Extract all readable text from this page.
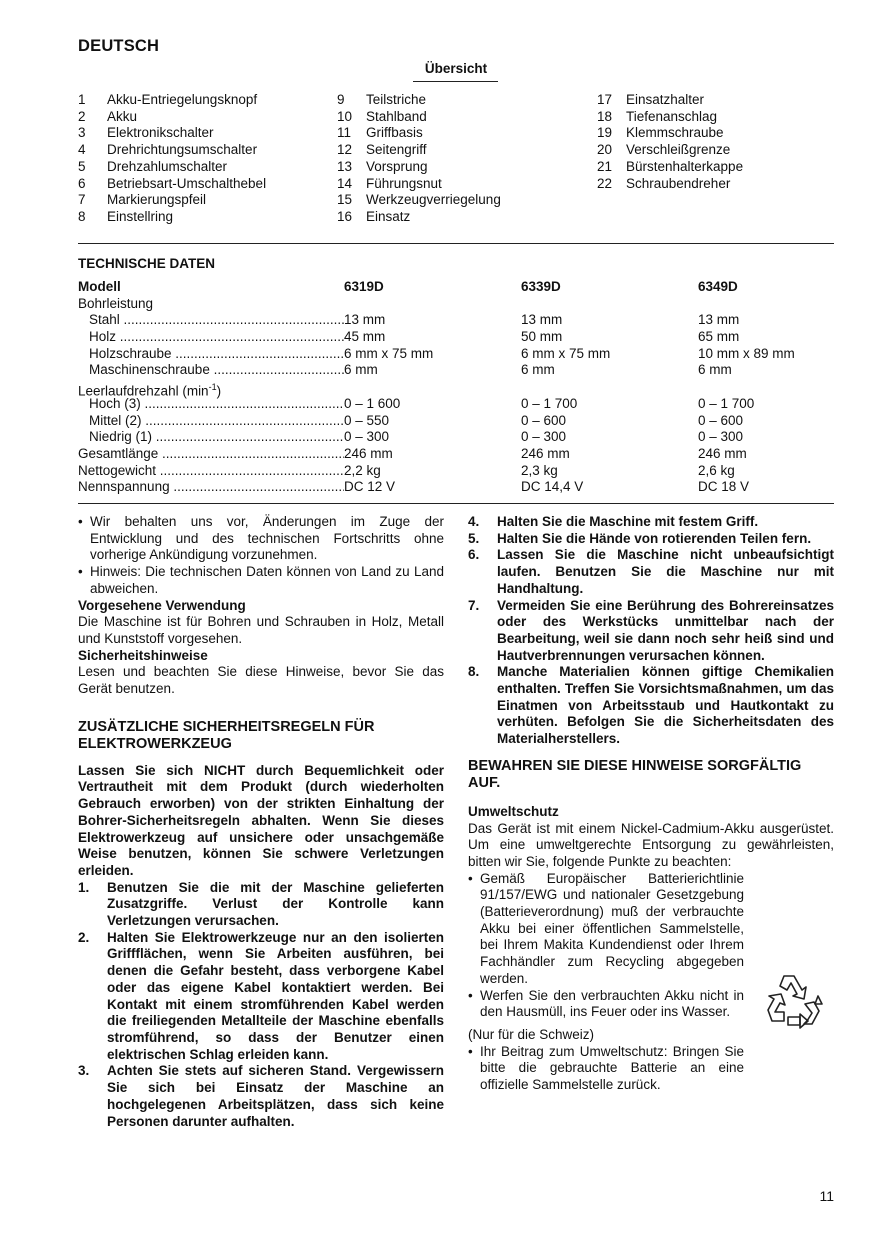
DEUTSCH
Übersicht
1 Akku-Entriegelungsknopf
2 Akku
3 Elektronikschalter
4 Drehrichtungsumschalter
5 Drehzahlumschalter
6 Betriebsart-Umschalthebel
7 Markierungspfeil
8 Einstellring
9 Teilstriche
10 Stahlband
11 Griffbasis
12 Seitengriff
13 Vorsprung
14 Führungsnut
15 Werkzeugverriegelung
16 Einsatz
17 Einsatzhalter
18 Tiefenanschlag
19 Klemmschraube
20 Verschleißgrenze
21 Bürstenhalterkappe
22 Schraubendreher
TECHNISCHE DATEN
Modell	6319D	6339D	6349D
Bohrleistung
Stahl .....	13 mm	13 mm	13 mm
Holz .....	45 mm	50 mm	65 mm
Holzschraube .....	6 mm x 75 mm	6 mm x 75 mm	10 mm x 89 mm
Maschinenschraube .....	6 mm	6 mm	6 mm
Leerlaufdrehzahl $(\min^{-1})$
Hoch (3) .....	0 – 1 600	0 – 1 700	0 – 1 700
Mittel (2) .....	0 – 550	0 – 600	0 – 600
Niedrig (1) .....	0 – 300	0 – 300	0 – 300
Gesamtlänge .....	246 mm	246 mm	246 mm
Nettogewicht .....	2,2 kg	2,3 kg	2,6 kg
Nennspannung .....	DC 12 V	DC 14,4 V	DC 18 V
• Wir behalten uns vor, Änderungen im Zuge der Entwicklung und des technischen Fortschritts ohne vorherige Ankündigung vorzunehmen.
• Hinweis: Die technischen Daten können von Land zu Land abweichen.

Vorgesehene Verwendung

Die Maschine ist für Bohren und Schrauben in Holz, Metall und Kunststoff vorgesehen.

Sicherheitshinweise

Lesen und beachten Sie diese Hinweise, bevor Sie das Gerät benutzen.

ZUSÄTZLICHE SICHERHEITSREGELN FÜR ELEKTROWERKZEUG

Lassen Sie sich NICHT durch Bequemlichkeit oder Vertrautheit mit dem Produkt (durch wiederholten Gebrauch erworben) von der strikten Einhaltung der Bohrer-Sicherheitsregeln abhalten. Wenn Sie dieses Elektrowerkzeug auf unsichere oder unsachgemäße Weise benutzen, können Sie schwere Verletzungen erleiden.

1. Benutzen Sie die mit der Maschine gelieferten Zusatzgriffe. Verlust der Kontrolle kann Verletzungen verursachen.
2. Halten Sie Elektrowerkzeuge nur an den isolierten Griffflächen, wenn Sie Arbeiten ausführen, bei denen die Gefahr besteht, dass verborgene Kabel oder das eigene Kabel kontaktiert werden. Bei Kontakt mit einem stromführenden Kabel werden die freiliegenden Metallteile der Maschine ebenfalls stromführend, so dass der Benutzer einen elektrischen Schlag erleiden kann.
3. Achten Sie stets auf sicheren Stand. Vergewissern Sie sich bei Einsatz der Maschine an hochgelegenen Arbeitsplätzen, dass sich keine Personen darunter aufhalten.
4. Halten Sie die Maschine mit festem Griff.
5. Halten Sie die Hände von rotierenden Teilen fern.
6. Lassen Sie die Maschine nicht unbeaufsichtigt laufen. Benutzen Sie die Maschine nur mit Handhaltung.
7. Vermeiden Sie eine Berührung des Bohrereinsatzes oder des Werkstücks unmittelbar nach der Bearbeitung, weil sie dann noch sehr heiß sind und Hautverbrennungen verursachen können.
8. Manche Materialien können giftige Chemikalien enthalten. Treffen Sie Vorsichtsmaßnahmen, um das Einatmen von Arbeitsstaub und Hautkontakt zu verhüten. Befolgen Sie die Sicherheitsdaten des Materialherstellers.

BEWAHREN SIE DIESE HINWEISE SORGFÄLTIG AUF.

Umweltschutz

Das Gerät ist mit einem Nickel-Cadmium-Akku ausgerüstet. Um eine umweltgerechte Entsorgung zu gewährleisten, bitten wir Sie, folgende Punkte zu beachten:

• Gemäß Europäischer Batterierichtlinie 91/157/EWG und nationaler Gesetzgebung (Batterieverordnung) muß der verbrauchte Akku bei einer öffentlichen Sammelstelle, bei Ihrem Makita Kundendienst oder Ihrem Fachhändler zum Recycling abgegeben werden.
• Werfen Sie den verbrauchten Akku nicht in den Hausmüll, ins Feuer oder ins Wasser.

(Nur für die Schweiz)

• Ihr Beitrag zum Umweltschutz: Bringen Sie bitte die gebrauchte Batterie an eine offizielle Sammelstelle zurück.
11
